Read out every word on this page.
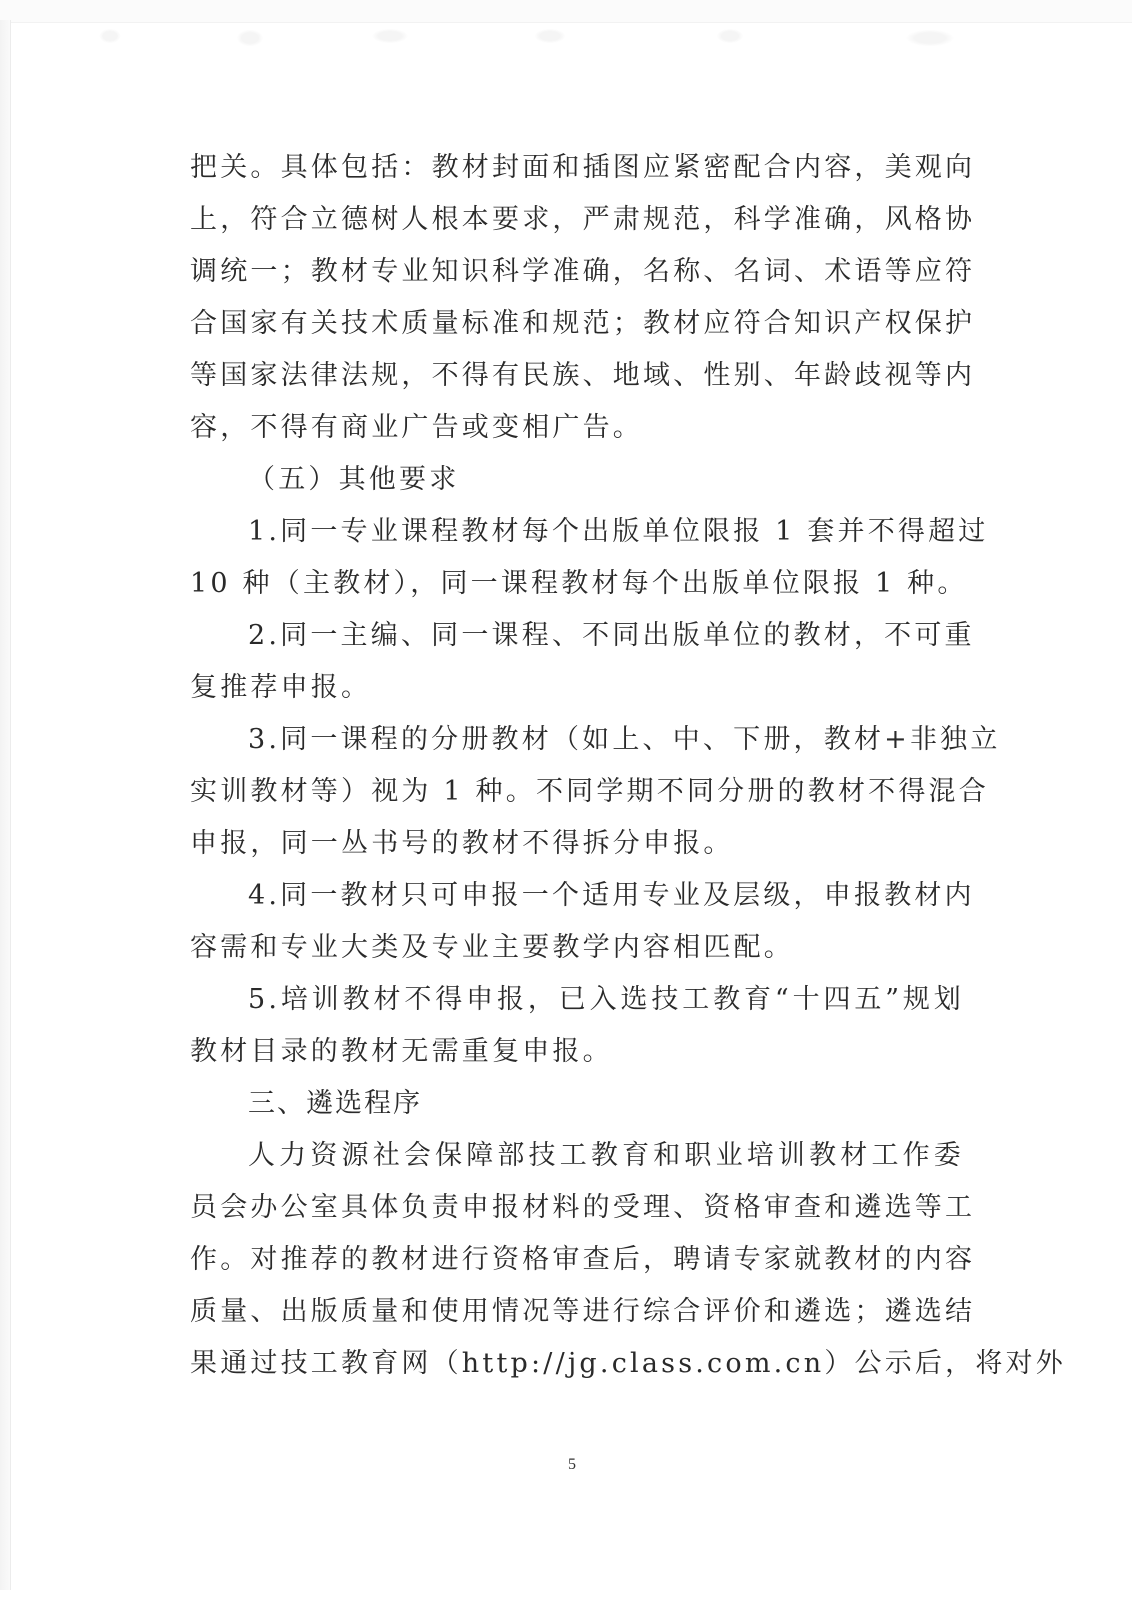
把关。具体包括：教材封面和插图应紧密配合内容，美观向
上，符合立德树人根本要求，严肃规范，科学准确，风格协
调统一；教材专业知识科学准确，名称、名词、术语等应符
合国家有关技术质量标准和规范；教材应符合知识产权保护
等国家法律法规，不得有民族、地域、性别、年龄歧视等内
容，不得有商业广告或变相广告。
（五）其他要求
1.同一专业课程教材每个出版单位限报 1 套并不得超过
10 种（主教材），同一课程教材每个出版单位限报 1 种。
2.同一主编、同一课程、不同出版单位的教材，不可重
复推荐申报。
3.同一课程的分册教材（如上、中、下册，教材+非独立
实训教材等）视为 1 种。不同学期不同分册的教材不得混合
申报，同一丛书号的教材不得拆分申报。
4.同一教材只可申报一个适用专业及层级，申报教材内
容需和专业大类及专业主要教学内容相匹配。
5.培训教材不得申报，已入选技工教育“十四五”规划
教材目录的教材无需重复申报。
三、遴选程序
人力资源社会保障部技工教育和职业培训教材工作委
员会办公室具体负责申报材料的受理、资格审查和遴选等工
作。对推荐的教材进行资格审查后，聘请专家就教材的内容
质量、出版质量和使用情况等进行综合评价和遴选；遴选结
果通过技工教育网（http://jg.class.com.cn）公示后，将对外
5
